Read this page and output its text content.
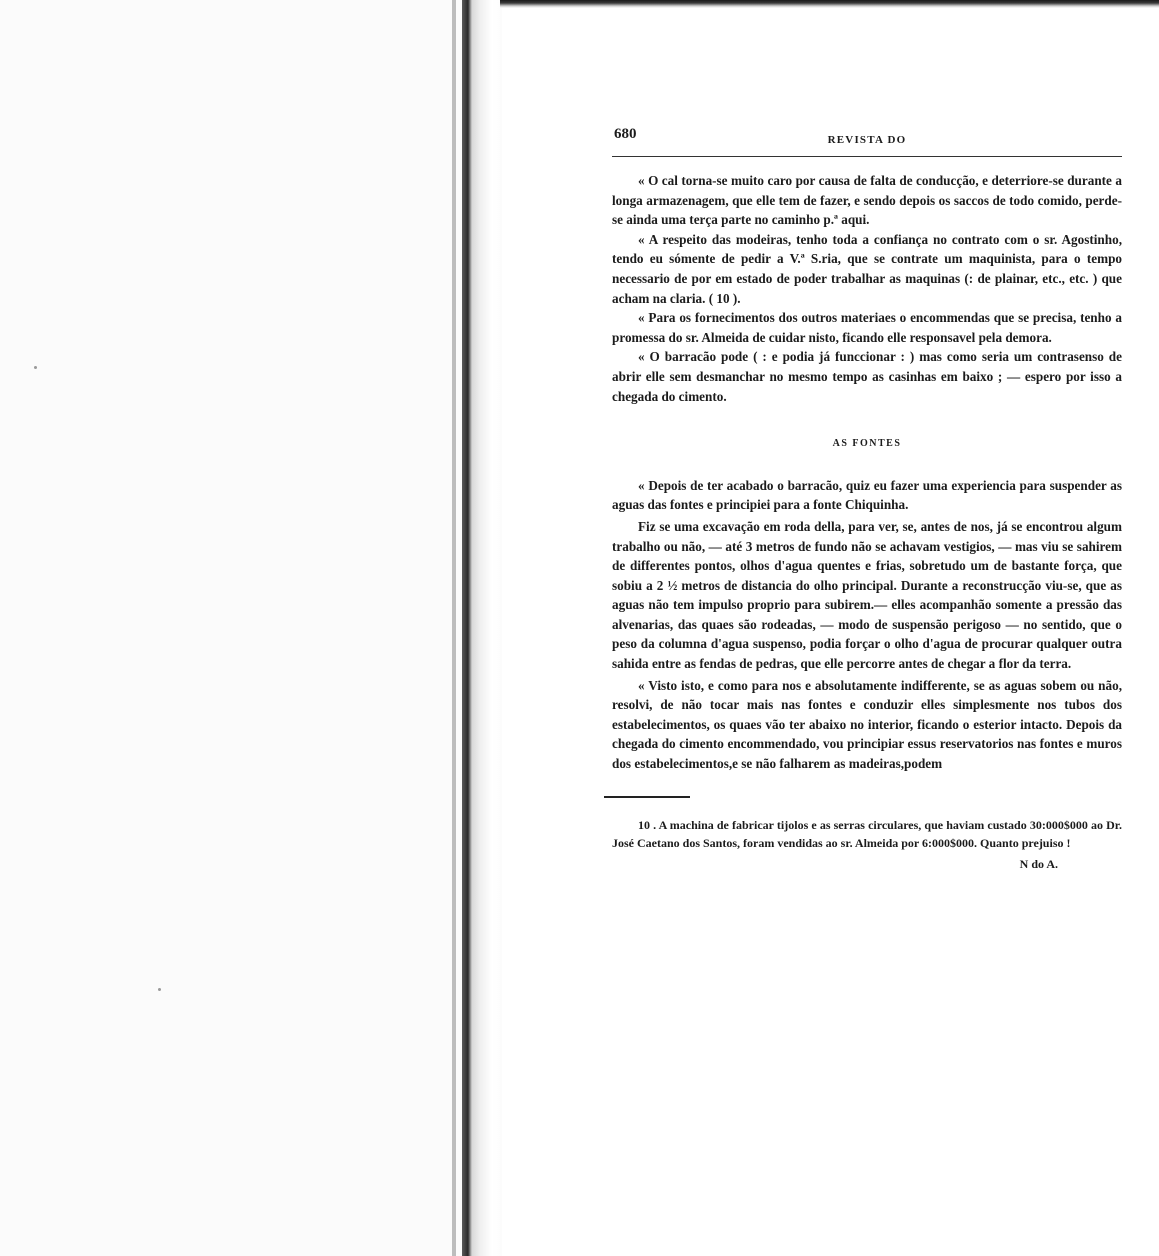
680	REVISTA DO

« O cal torna-se muito caro por causa de falta de conducção, e deterriore-se durante a longa armazenagem, que elle tem de fazer, e sendo depois os saccos de todo comido, perde-se ainda uma terça parte no caminho p.ª aqui.

« A respeito das modeiras, tenho toda a confiança no contrato com o sr. Agostinho, tendo eu sómente de pedir a V.ª S.ria, que se contrate um maquinista, para o tempo necessario de por em estado de poder trabalhar as maquinas (: de plainar, etc., etc. ) que acham na claria. ( 10 ).

« Para os fornecimentos dos outros materiaes o encommendas que se precisa, tenho a promessa do sr. Almeida de cuidar nisto, ficando elle responsavel pela demora.

« O barracão pode ( : e podia já funccionar : ) mas como seria um contrasenso de abrir elle sem desmanchar no mesmo tempo as casinhas em baixo ; — espero por isso a chegada do cimento.

AS FONTES

« Depois de ter acabado o barracão, quiz eu fazer uma experiencia para suspender as aguas das fontes e principiei para a fonte Chiquinha.

Fiz se uma excavação em roda della, para ver, se, antes de nos, já se encontrou algum trabalho ou não, — até 3 metros de fundo não se achavam vestigios, — mas viu se sahirem de differentes pontos, olhos d'agua quentes e frias, sobretudo um de bastante força, que sobiu a 2 ½ metros de distancia do olho principal. Durante a reconstrucção viu-se, que as aguas não tem impulso proprio para subirem.— elles acompanhão somente a pressão das alvenarias, das quaes são rodeadas, — modo de suspensão perigoso — no sentido, que o peso da columna d'agua suspenso, podia forçar o olho d'agua de procurar qualquer outra sahida entre as fendas de pedras, que elle percorre antes de chegar a flor da terra.

« Visto isto, e como para nos e absolutamente indifferente, se as aguas sobem ou não, resolvi, de não tocar mais nas fontes e conduzir elles simplesmente nos tubos dos estabelecimentos, os quaes vão ter abaixo no interior, ficando o esterior intacto. Depois da chegada do cimento encommendado, vou principiar essus reservatorios nas fontes e muros dos estabelecimentos,e se não falharem as madeiras,podem

10 . A machina de fabricar tijolos e as serras circulares, que haviam custado 30:000$000 ao Dr. José Caetano dos Santos, foram vendidas ao sr. Almeida por 6:000$000. Quanto prejuiso !

N do A.
